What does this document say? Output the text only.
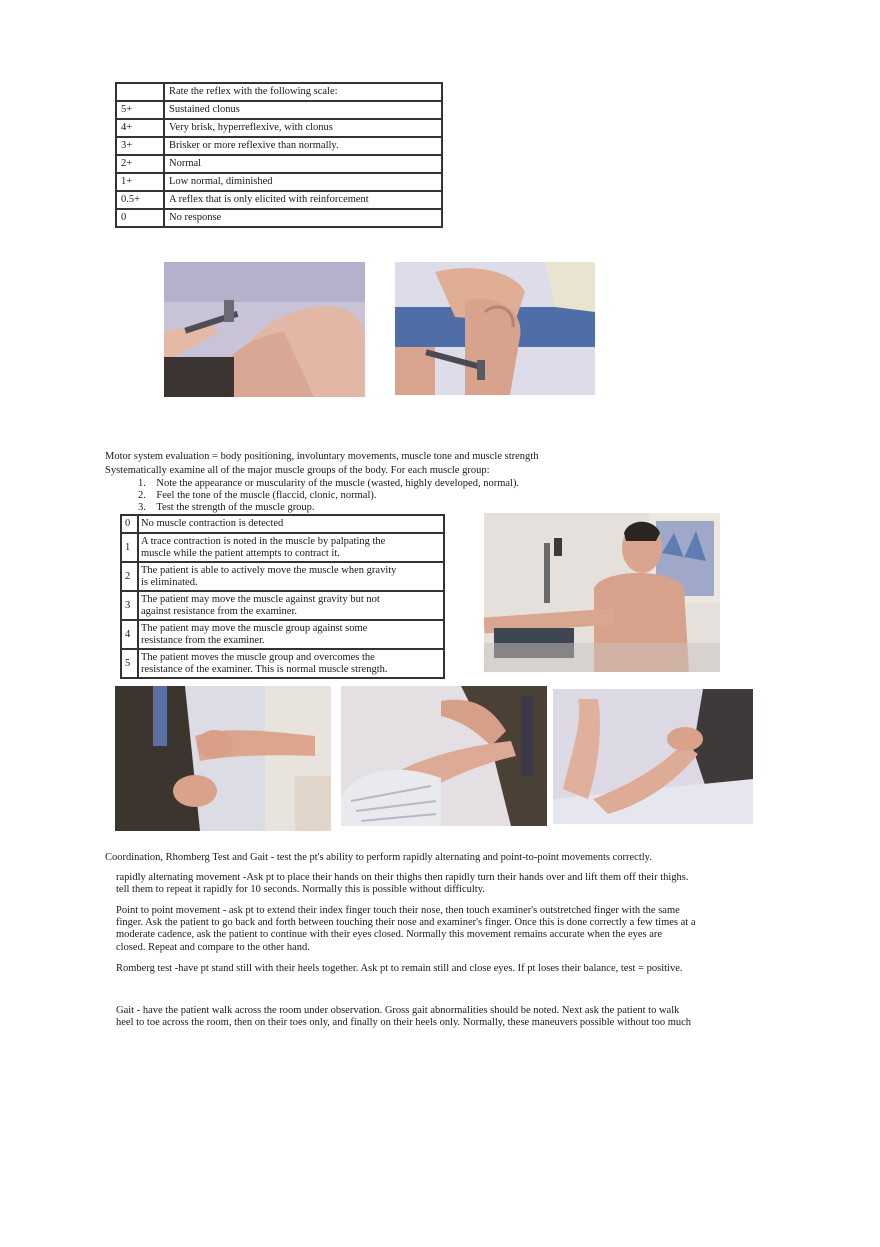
	Rate the reflex with the following scale:
5+	Sustained clonus
4+	Very brisk, hyperreflexive, with clonus
3+	Brisker or more reflexive than normally.
2+	Normal
1+	Low normal, diminished
0.5+	A reflex that is only elicited with reinforcement
0	No response
Motor system evaluation = body positioning, involuntary movements, muscle tone and muscle strength
Systematically examine all of the major muscle groups of the body. For each muscle group:
1. Note the appearance or muscularity of the muscle (wasted, highly developed, normal).
2. Feel the tone of the muscle (flaccid, clonic, normal).
3. Test the strength of the muscle group.
0	No muscle contraction is detected
1	A trace contraction is noted in the muscle by palpating the
muscle while the patient attempts to contract it.
2	The patient is able to actively move the muscle when gravity
is eliminated.
3	The patient may move the muscle against gravity but not
against resistance from the examiner.
4	The patient may move the muscle group against some
resistance from the examiner.
5	The patient moves the muscle group and overcomes the
resistance of the examiner. This is normal muscle strength.
Coordination, Rhomberg Test and Gait - test the pt's ability to perform rapidly alternating and point-to-point movements correctly.
rapidly alternating movement -Ask pt to place their hands on their thighs then rapidly turn their hands over and lift them off their thighs.
tell them to repeat it rapidly for 10 seconds. Normally this is possible without difficulty.
Point to point movement - ask pt to extend their index finger touch their nose, then touch examiner's outstretched finger with the same
finger. Ask the patient to go back and forth between touching their nose and examiner's finger. Once this is done correctly a few times at a
moderate cadence, ask the patient to continue with their eyes closed. Normally this movement remains accurate when the eyes are
closed. Repeat and compare to the other hand.
Romberg test -have pt stand still with their heels together. Ask pt to remain still and close eyes. If pt loses their balance, test = positive.
Gait - have the patient walk across the room under observation. Gross gait abnormalities should be noted. Next ask the patient to walk
heel to toe across the room, then on their toes only, and finally on their heels only. Normally, these maneuvers possible without too much
